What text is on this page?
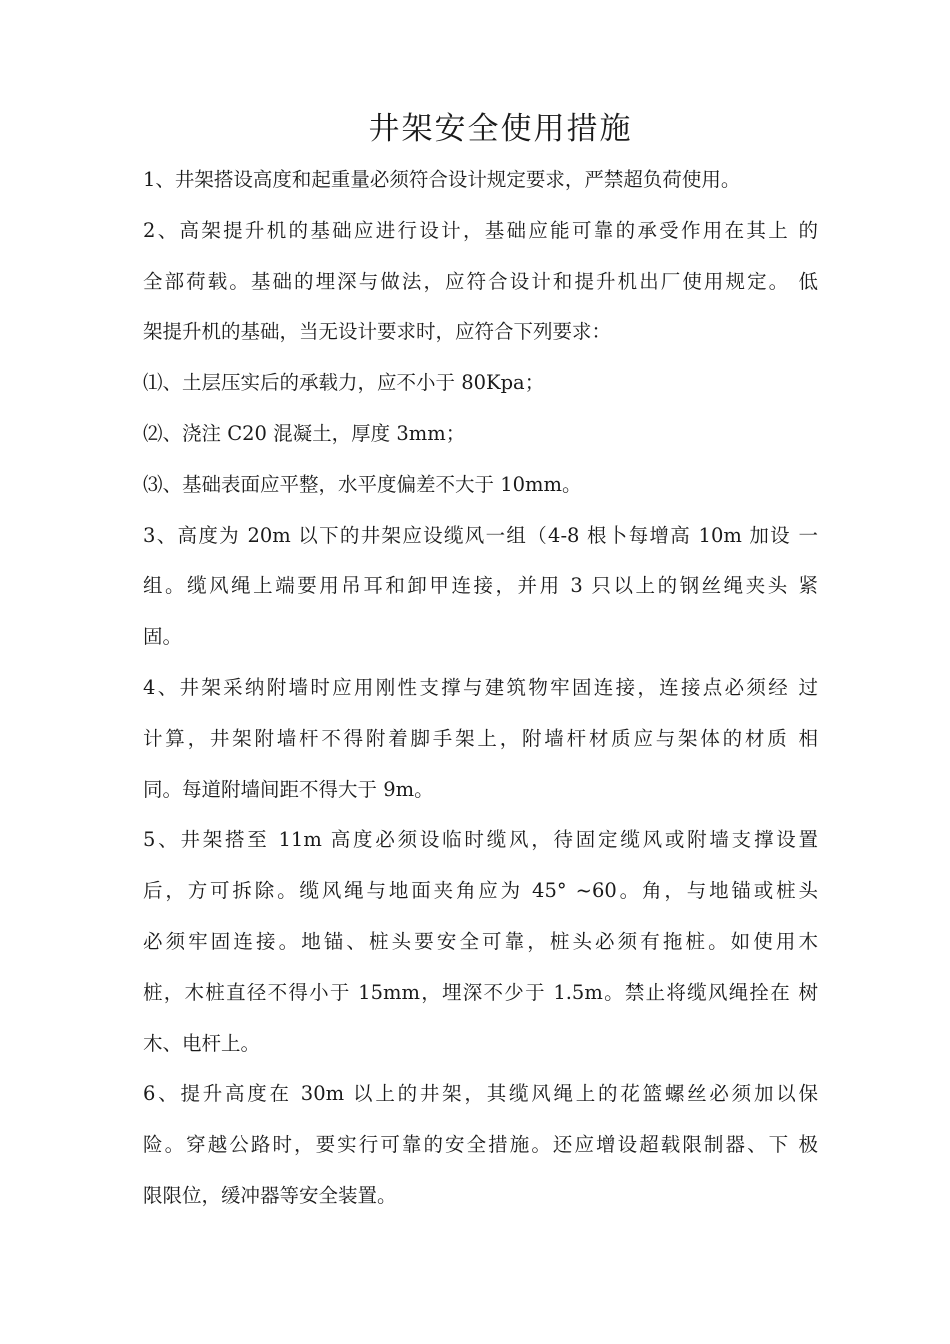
井架安全使用措施
1、井架搭设高度和起重量必须符合设计规定要求，严禁超负荷使用。
2、高架提升机的基础应进行设计，基础应能可靠的承受作用在其上 的
全部荷载。基础的埋深与做法，应符合设计和提升机出厂使用规定。 低
架提升机的基础，当无设计要求时，应符合下列要求：
⑴、土层压实后的承载力，应不小于 80Kpa；
⑵、浇注 C20 混凝土，厚度 3mm；
⑶、基础表面应平整，水平度偏差不大于 10mm。
3、高度为 20m 以下的井架应设缆风一组（4-8 根卜每增高 10m 加设 一
组。缆风绳上端要用吊耳和卸甲连接，并用 3 只以上的钢丝绳夹头 紧
固。
4、井架采纳附墙时应用刚性支撑与建筑物牢固连接，连接点必须经 过
计算，井架附墙杆不得附着脚手架上，附墙杆材质应与架体的材质 相
同。每道附墙间距不得大于 9m。
5、井架搭至 11m 高度必须设临时缆风，待固定缆风或附墙支撑设置
后，方可拆除。缆风绳与地面夹角应为 45° ~60。角，与地锚或桩头
必须牢固连接。地锚、桩头要安全可靠，桩头必须有拖桩。如使用木
桩，木桩直径不得小于 15mm，埋深不少于 1.5m。禁止将缆风绳拴在 树
木、电杆上。
6、提升高度在 30m 以上的井架，其缆风绳上的花篮螺丝必须加以保
险。穿越公路时，要实行可靠的安全措施。还应增设超载限制器、下 极
限限位，缓冲器等安全装置。
